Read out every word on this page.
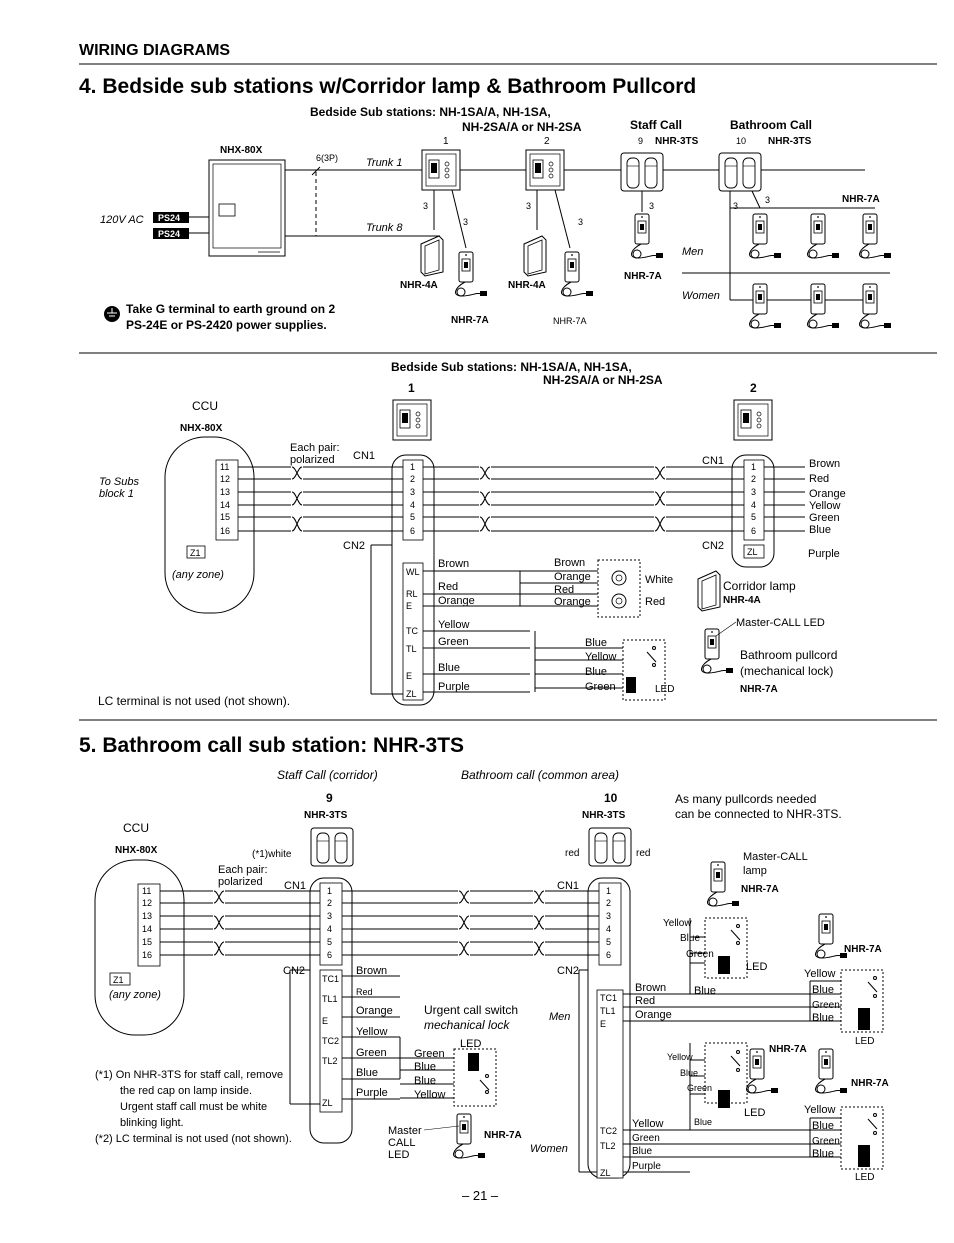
WIRING DIAGRAMS
4. Bedside sub stations w/Corridor lamp & Bathroom Pullcord
Bedside Sub stations: NH-1SA/A, NH-1SA,
NH-2SA/A or NH-2SA	Staff Call	Bathroom Call
NHX-80X
120V AC PS24
PS24
6(3P)	Trunk 1
Trunk 8
1	2	9 NHR-3TS	10 NHR-3TS
3
3
3
3
3	3
3
NHR-4A	NHR-4A
NHR-7A	NHR-7A
NHR-7A
NHR-7A
Men
Women
Take G terminal to earth ground on 2
PS-24E or PS-2420 power supplies.
Bedside Sub stations: NH-1SA/A, NH-1SA,
NH-2SA/A or NH-2SA
1	2
CCU
NHX-80X
To Subs
block 1
Z1
(any zone)
Each pair:
polarized CN1
CN2
CN1
CN2	ZL
11
12
13
14
15
16
1
2
3
4
5
6
1
2
3
4
5
6
Brown
Red
Orange
Yellow
Green
Blue
WL
RL
E
TC
TL
E
ZL
Purple
Brown
Red
Orange
Yellow
Green
Blue
Purple
Brown
Orange
Red
Orange
Blue
Yellow
Blue
Green
White
Red
Corridor lamp
NHR-4A
LED
Master-CALL LED
Bathroom pullcord
(mechanical lock)
NHR-7A
LC terminal is not used (not shown).
5. Bathroom call sub station: NHR-3TS
Staff Call (corridor)	Bathroom call (common area)
9
NHR-3TS
10
NHR-3TS
As many pullcords needed
can be connected to NHR-3TS.
(*1)white	red	red
CCU
NHX-80X
Z1
(any zone)
Each pair:
polarized CN1
CN2
CN1
CN2
11
12
13
14
15
16
1
2
3
4
5
6
1
2
3
4
5
6
TC1
TL1
E
TC2
TL2
ZL
TC1
TL1
E
TC2
TL2
ZL
Brown
Red
Orange
Yellow
Green
Blue
Purple
Green
Blue
Blue
Yellow
Brown
Red
Orange
Yellow
Blue
Green
Blue
Yellow
Blue
Green
Blue
Yellow
Green
Blue
Purple
Yellow
Blue
Green
Blue
Yellow
Blue
Green
Blue
Urgent call switch
mechanical lock
LED
Master
CALL
LED
NHR-7A
Men
Women
Master-CALL
lamp
NHR-7A
LED
NHR-7A
LED
NHR-7A
LED
NHR-7A
LED
(*1) On NHR-3TS for staff call, remove
the red cap on lamp inside.
Urgent staff call must be white
blinking light.
(*2) LC terminal is not used (not shown).
– 21 –
